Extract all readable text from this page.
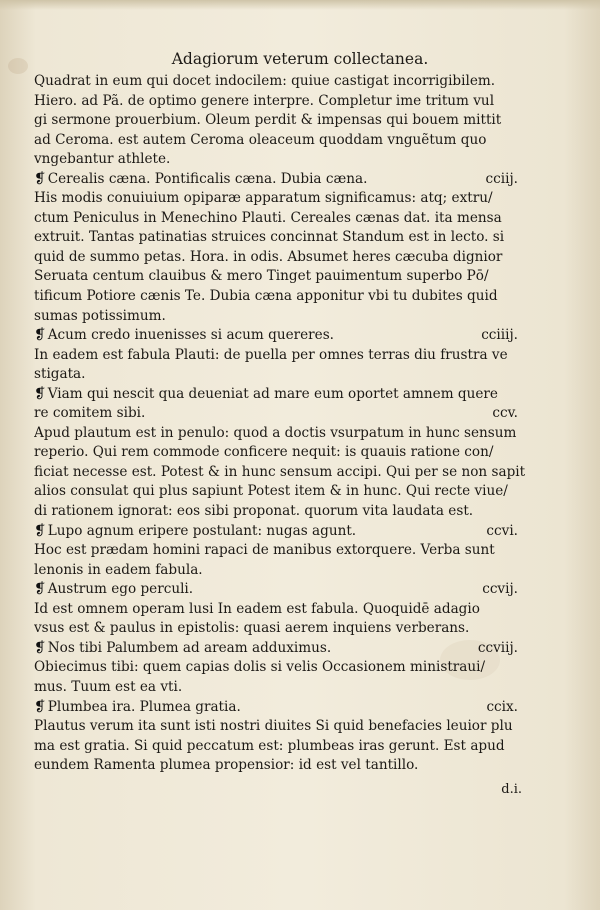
Adagiorum veterum collectanea.
Quadrat in eum qui docet indocilem: quiue castigat incorrigibilem.
Hiero. ad Pã. de optimo genere interpre. Completur ime tritum vul
gi sermone prouerbium. Oleum perdit & impensas qui bouem mittit
ad Ceroma. est autem Ceroma oleaceum quoddam vnguẽtum quo
vngebantur athlete.
❡ Cerealis cæna. Pontificalis cæna. Dubia cæna.	cciij.
His modis conuiuium opiparæ apparatum significamus: atq; extru/
ctum Peniculus in Menechino Plauti. Cereales cænas dat. ita mensa
extruit. Tantas patinatias struices concinnat Standum est in lecto. si
quid de summo petas. Hora. in odis. Absumet heres cæcuba dignior
Seruata centum clauibus & mero Tinget pauimentum superbo Pō/
tificum Potiore cænis Te. Dubia cæna apponitur vbi tu dubites quid
sumas potissimum.
❡ Acum credo inuenisses si acum quereres.	cciiij.
In eadem est fabula Plauti: de puella per omnes terras diu frustra ve
stigata.
❡ Viam qui nescit qua deueniat ad mare eum oportet amnem quere
re comitem sibi.	ccv.
Apud plautum est in penulo: quod a doctis vsurpatum in hunc sensum
reperio. Qui rem commode conficere nequit: is quauis ratione con/
ficiat necesse est. Potest & in hunc sensum accipi. Qui per se non sapit
alios consulat qui plus sapiunt Potest item & in hunc. Qui recte viue/
di rationem ignorat: eos sibi proponat. quorum vita laudata est.
❡ Lupo agnum eripere postulant: nugas agunt.	ccvi.
Hoc est prædam homini rapaci de manibus extorquere. Verba sunt
lenonis in eadem fabula.
❡ Austrum ego perculi.	ccvij.
Id est omnem operam lusi In eadem est fabula. Quoquidē adagio
vsus est & paulus in epistolis: quasi aerem inquiens verberans.
❡ Nos tibi Palumbem ad aream adduximus.	ccviij.
Obiecimus tibi: quem capias dolis si velis Occasionem ministraui/
mus. Tuum est ea vti.
❡ Plumbea ira. Plumea gratia.	ccix.
Plautus verum ita sunt isti nostri diuites Si quid benefacies leuior plu
ma est gratia. Si quid peccatum est: plumbeas iras gerunt. Est apud
eundem Ramenta plumea propensior: id est vel tantillo.
d.i.
